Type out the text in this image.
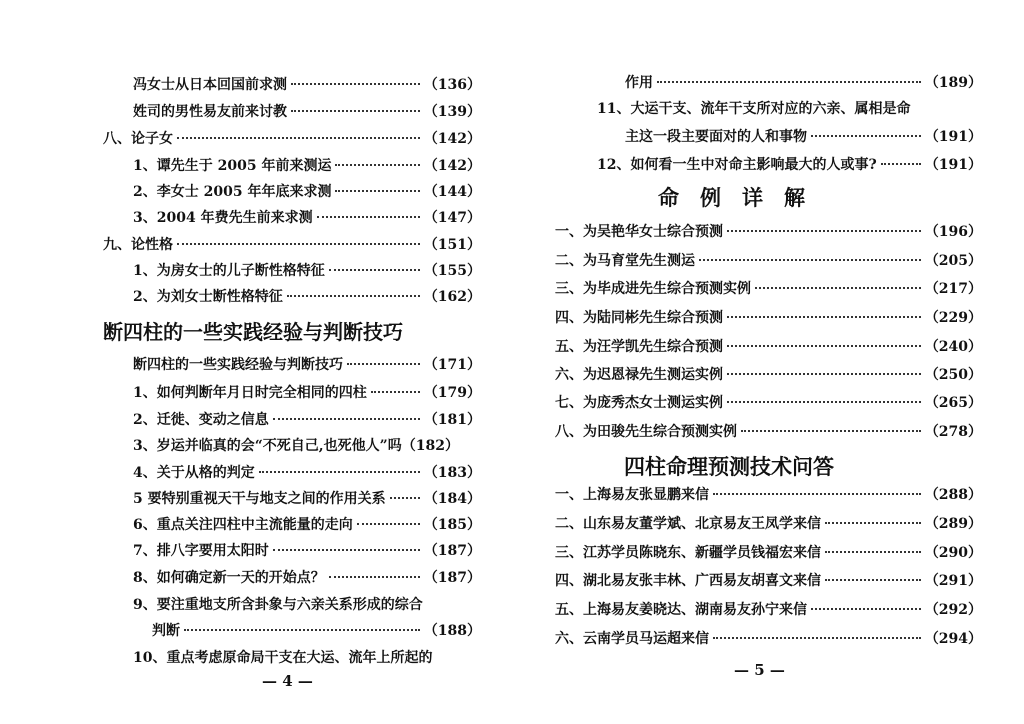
冯女士从日本回国前求测	（136）
姓司的男性易友前来讨教	（139）
八、论子女	（142）
1、谭先生于 2005 年前来测运	（142）
2、李女士 2005 年年底来求测	（144）
3、2004 年费先生前来求测	（147）
九、论性格	（151）
1、为房女士的儿子断性格特征	（155）
2、为刘女士断性格特征	（162）
断四柱的一些实践经验与判断技巧
断四柱的一些实践经验与判断技巧	（171）
1、如何判断年月日时完全相同的四柱	（179）
2、迁徙、变动之信息	（181）
3、岁运并临真的会“不死自己,也死他人”吗 （182）
4、关于从格的判定	（183）
5 要特别重视天干与地支之间的作用关系	（184）
6、重点关注四柱中主流能量的走向	（185）
7、排八字要用太阳时	（187）
8、如何确定新一天的开始点？	（187）
9、要注重地支所含卦象与六亲关系形成的综合
判断	（188）
10、重点考虑原命局干支在大运、流年上所起的
— 4 —
作用	（189）
11、大运干支、流年干支所对应的六亲、属相是命
主这一段主要面对的人和事物	（191）
12、如何看一生中对命主影响最大的人或事?	（191）
命　例　详　解
一、为吴艳华女士综合预测	（196）
二、为马育堂先生测运	（205）
三、为毕成进先生综合预测实例	（217）
四、为陆同彬先生综合预测	（229）
五、为汪学凯先生综合预测	（240）
六、为迟恩禄先生测运实例	（250）
七、为庞秀杰女士测运实例	（265）
八、为田骏先生综合预测实例	（278）
四柱命理预测技术问答
一、上海易友张显鹏来信	（288）
二、山东易友董学斌、北京易友王凤学来信	（289）
三、江苏学员陈晓东、新疆学员钱福宏来信	（290）
四、湖北易友张丰林、广西易友胡喜文来信	（291）
五、上海易友姜晓达、湖南易友孙宁来信	（292）
六、云南学员马运超来信	（294）
— 5 —
